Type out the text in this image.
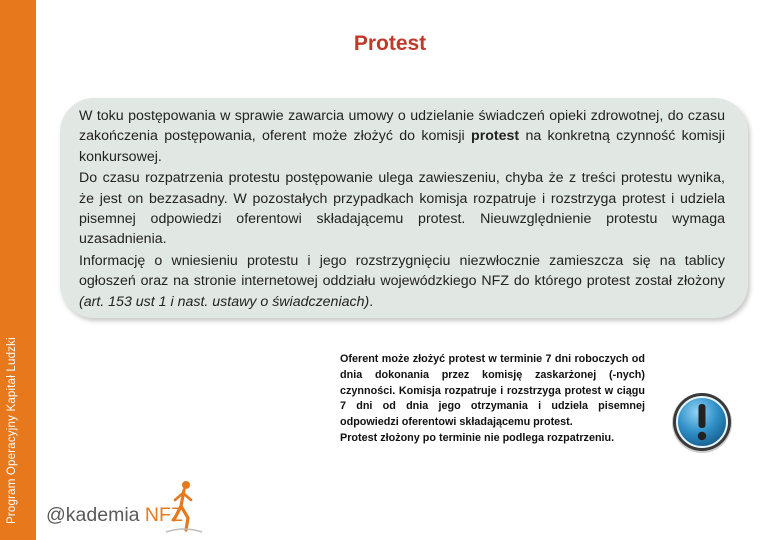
Program Operacyjny Kapitał Ludzki
Protest

W toku postępowania w sprawie zawarcia umowy o udzielanie świadczeń opieki zdrowotnej, do czasu zakończenia postępowania, oferent może złożyć do komisji protest na konkretną czynność komisji konkursowej.

Do czasu rozpatrzenia protestu postępowanie ulega zawieszeniu, chyba że z treści protestu wynika, że jest on bezzasadny. W pozostałych przypadkach komisja rozpatruje i rozstrzyga protest i udziela pisemnej odpowiedzi oferentowi składającemu protest. Nieuwzględnienie protestu wymaga uzasadnienia.

Informację o wniesieniu protestu i jego rozstrzygnięciu niezwłocznie zamieszcza się na tablicy ogłoszeń oraz na stronie internetowej oddziału wojewódzkiego NFZ do którego protest został złożony (art. 153 ust 1 i nast. ustawy o świadczeniach).

Oferent może złożyć protest w terminie 7 dni roboczych od dnia dokonania przez komisję zaskarżonej (-nych) czynności. Komisja rozpatruje i rozstrzyga protest w ciągu 7 dni od dnia jego otrzymania i udziela pisemnej odpowiedzi oferentowi składającemu protest.

Protest złożony po terminie nie podlega rozpatrzeniu.

@kademia NFZ
